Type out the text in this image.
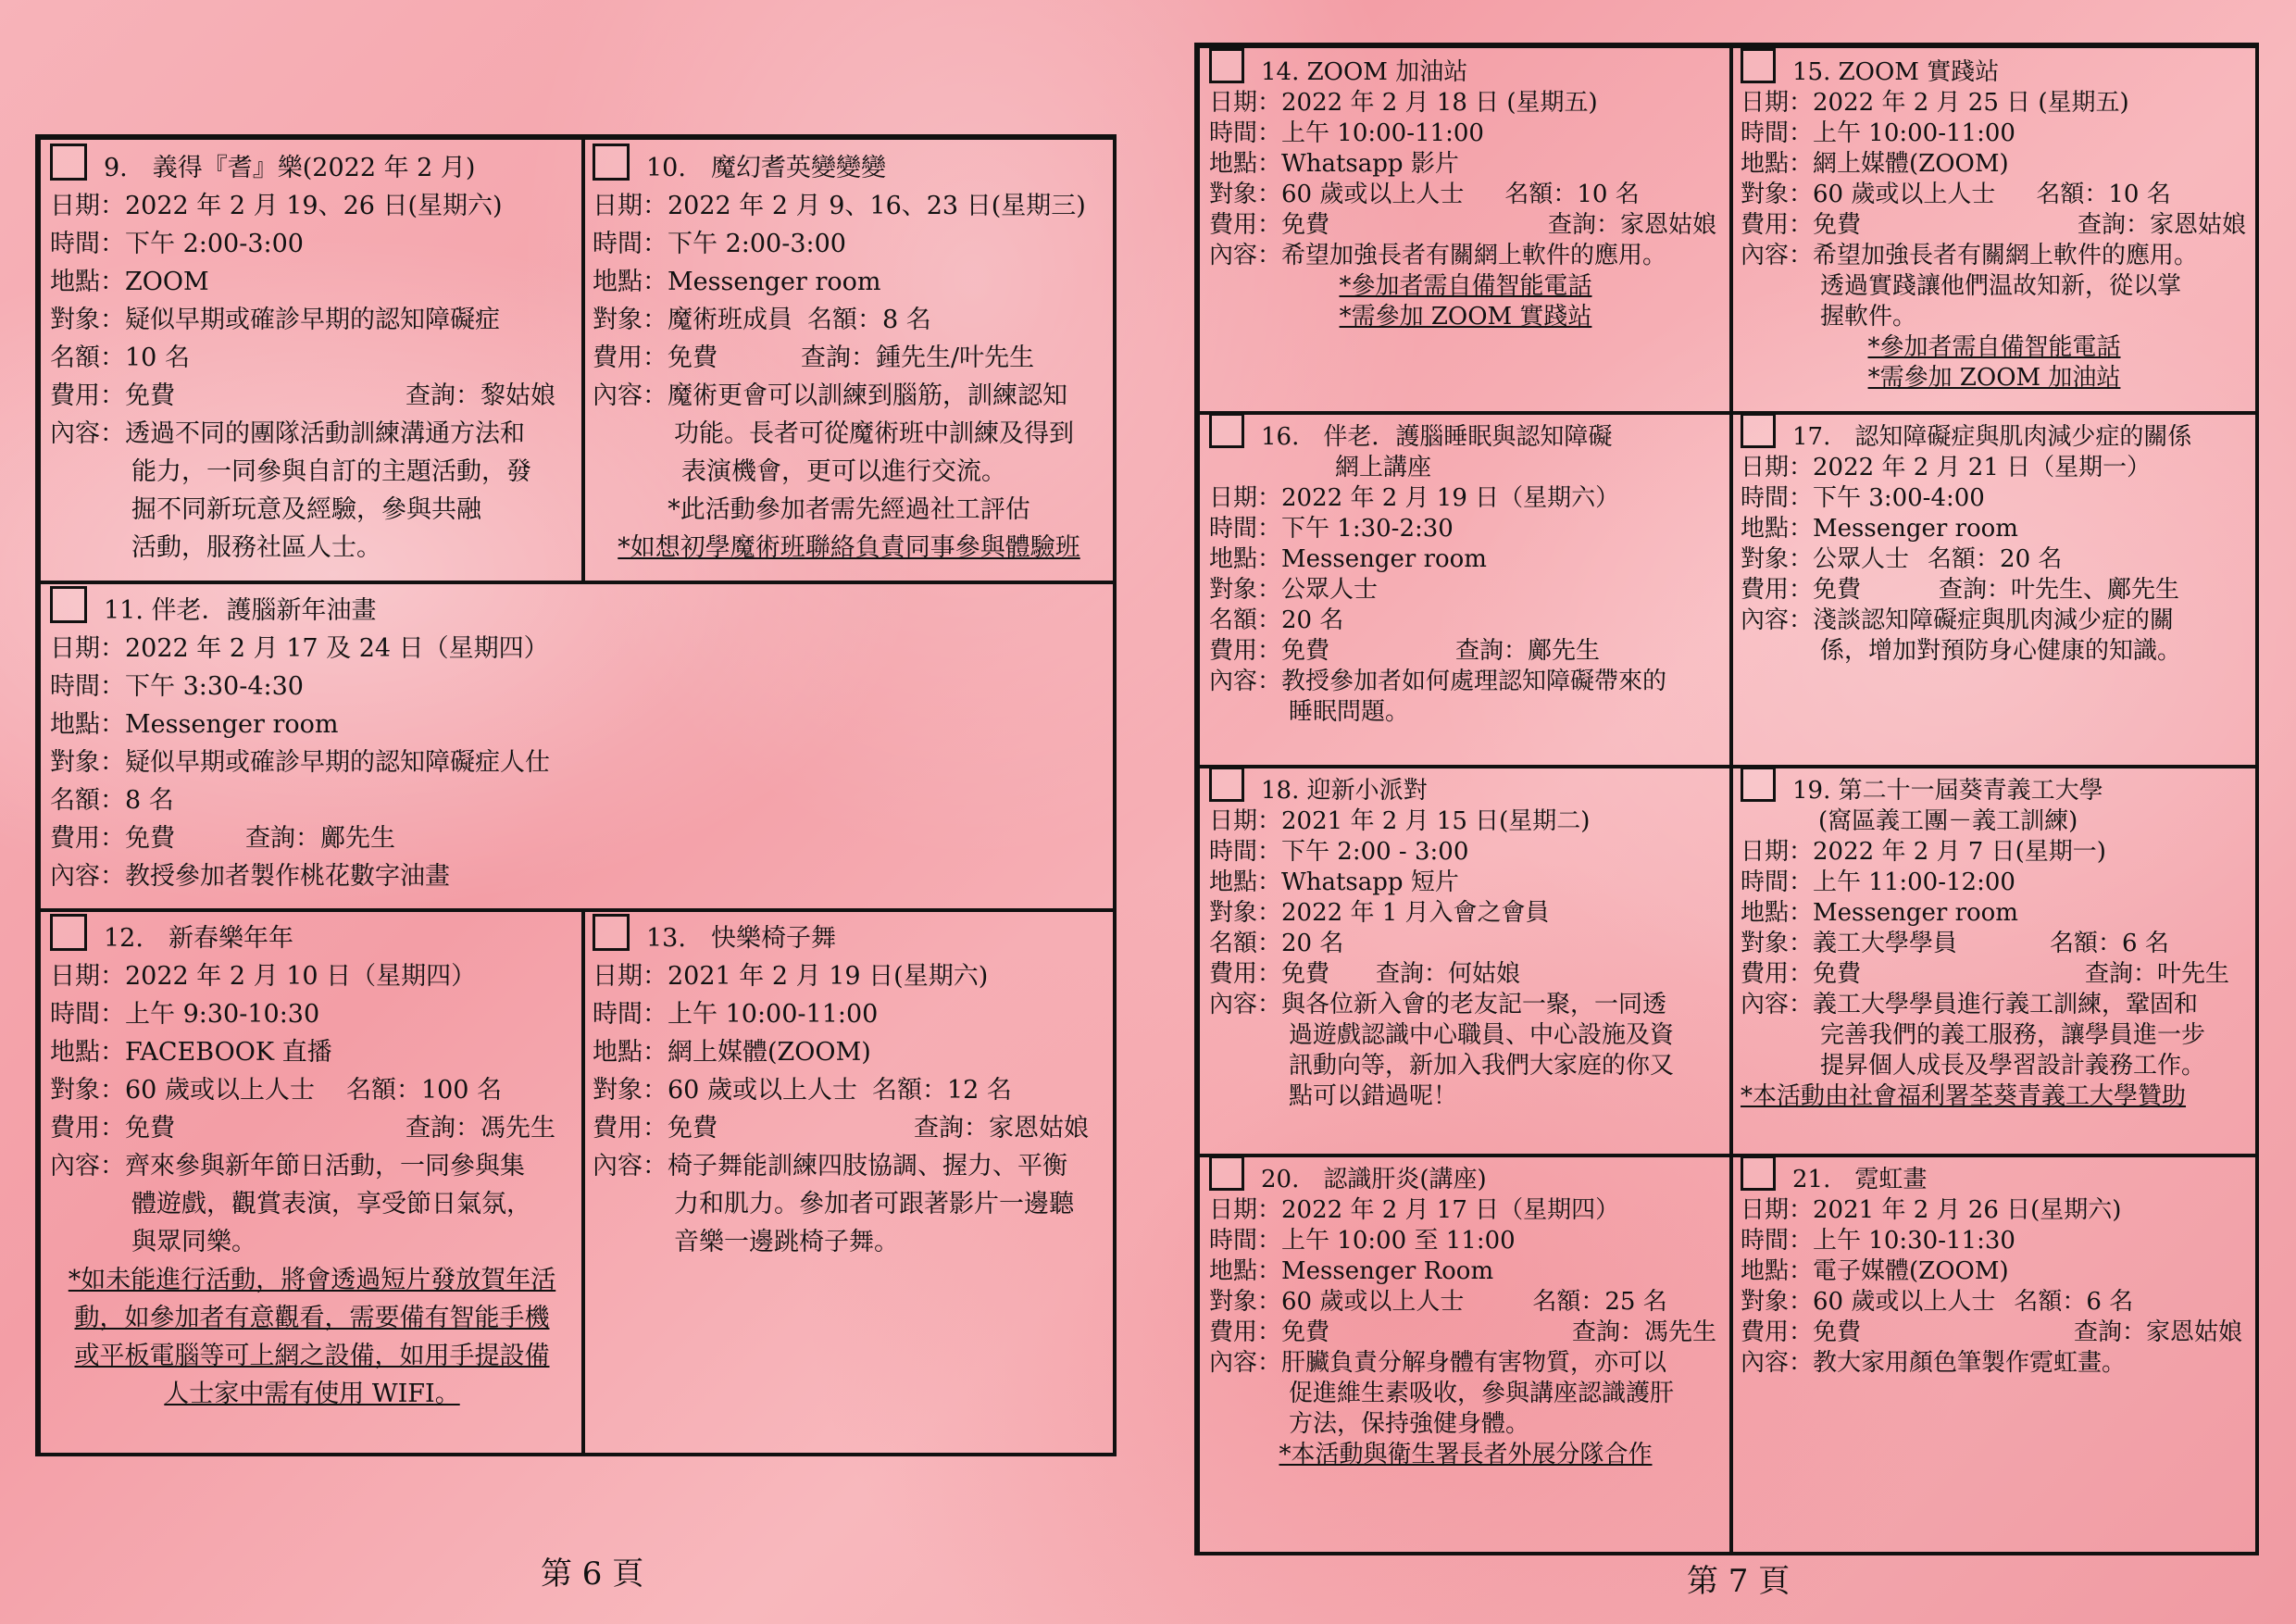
9.　義得『耆』樂(2022 年 2 月)
日期： 2022 年 2 月 19、26 日(星期六)
時間： 下午 2:00-3:00
地點： ZOOM
對象： 疑似早期或確診早期的認知障礙症
名額： 10 名
費用：免費	查詢：黎姑娘
內容： 透過不同的團隊活動訓練溝通方法和
能力，一同參與自訂的主題活動，發
掘不同新玩意及經驗，參與共融
活動，服務社區人士。
10.　魔幻耆英變變變
日期： 2022 年 2 月 9、16、23 日(星期三)
時間： 下午 2:00-3:00
地點： Messenger room
對象： 魔術班成員 名額： 8 名
費用： 免費	查詢： 鍾先生/叶先生
內容： 魔術更會可以訓練到腦筋，訓練認知
功能。長者可從魔術班中訓練及得到
表演機會，更可以進行交流。
*此活動參加者需先經過社工評估
*如想初學魔術班聯絡負責同事參與體驗班
11. 伴老．護腦新年油畫
日期： 2022 年 2 月 17 及 24 日（星期四）
時間： 下午 3:30-4:30
地點： Messenger room
對象： 疑似早期或確診早期的認知障礙症人仕
名額： 8 名
費用： 免費	查詢： 鄺先生
內容： 教授參加者製作桃花數字油畫
12.　新春樂年年
日期： 2022 年 2 月 10 日（星期四）
時間： 上午 9:30-10:30
地點： FACEBOOK 直播
對象： 60 歲或以上人士 名額： 100 名
費用：免費	查詢：馮先生
內容： 齊來參與新年節日活動，一同參與集
體遊戲，觀賞表演，享受節日氣氛，
與眾同樂。
*如未能進行活動，將會透過短片發放賀年活
動，如參加者有意觀看，需要備有智能手機
或平板電腦等可上網之設備，如用手提設備
人士家中需有使用 WIFI。
13.　快樂椅子舞
日期： 2021 年 2 月 19 日(星期六)
時間： 上午 10:00-11:00
地點： 網上媒體(ZOOM)
對象： 60 歲或以上人士 名額： 12 名
費用：免費	查詢：家恩姑娘
內容： 椅子舞能訓練四肢協調、握力、平衡
力和肌力。參加者可跟著影片一邊聽
音樂一邊跳椅子舞。
第 6 頁
14. ZOOM 加油站
日期： 2022 年 2 月 18 日 (星期五)
時間： 上午 10:00-11:00
地點： Whatsapp 影片
對象： 60 歲或以上人士 名額： 10 名
費用：免費	查詢：家恩姑娘
內容： 希望加強長者有關網上軟件的應用。
*參加者需自備智能電話
*需參加 ZOOM 實踐站
15. ZOOM 實踐站
日期： 2022 年 2 月 25 日 (星期五)
時間： 上午 10:00-11:00
地點： 網上媒體(ZOOM)
對象： 60 歲或以上人士 名額： 10 名
費用：免費	查詢：家恩姑娘
內容： 希望加強長者有關網上軟件的應用。
透過實踐讓他們温故知新，從以掌
握軟件。
*參加者需自備智能電話
*需參加 ZOOM 加油站
16.　伴老．護腦睡眠與認知障礙
網上講座
日期： 2022 年 2 月 19 日（星期六）
時間： 下午 1:30-2:30
地點： Messenger room
對象： 公眾人士
名額： 20 名
費用： 免費	查詢： 鄺先生
內容： 教授參加者如何處理認知障礙帶來的
睡眠問題。
17.　認知障礙症與肌肉減少症的關係
日期： 2022 年 2 月 21 日（星期一）
時間： 下午 3:00-4:00
地點： Messenger room
對象： 公眾人士 名額： 20 名
費用： 免費	查詢： 叶先生、鄺先生
內容： 淺談認知障礙症與肌肉減少症的關
係，增加對預防身心健康的知識。
18. 迎新小派對
日期： 2021 年 2 月 15 日(星期二)
時間： 下午 2:00 - 3:00
地點： Whatsapp 短片
對象： 2022 年 1 月入會之會員
名額： 20 名
費用： 免費 查詢： 何姑娘
內容： 與各位新入會的老友記一聚，一同透
過遊戲認識中心職員、中心設施及資
訊動向等，新加入我們大家庭的你又
點可以錯過呢！
19. 第二十一屆葵青義工大學
(窩區義工團－義工訓練)
日期： 2022 年 2 月 7 日(星期一)
時間： 上午 11:00-12:00
地點： Messenger room
對象： 義工大學學員	名額： 6 名
費用：免費	查詢：叶先生
內容： 義工大學學員進行義工訓練，鞏固和
完善我們的義工服務，讓學員進一步
提昇個人成長及學習設計義務工作。
*本活動由社會福利署荃葵青義工大學贊助
20.　認識肝炎(講座)
日期： 2022 年 2 月 17 日（星期四）
時間： 上午 10:00 至 11:00
地點： Messenger Room
對象： 60 歲或以上人士	名額： 25 名
費用：免費	查詢：馮先生
內容： 肝臟負責分解身體有害物質，亦可以
促進維生素吸收，參與講座認識護肝
方法，保持強健身體。
*本活動與衛生署長者外展分隊合作
21.　霓虹畫
日期： 2021 年 2 月 26 日(星期六)
時間： 上午 10:30-11:30
地點： 電子媒體(ZOOM)
對象： 60 歲或以上人士 名額： 6 名
費用：免費	查詢：家恩姑娘
內容： 教大家用顏色筆製作霓虹畫。
第 7 頁
